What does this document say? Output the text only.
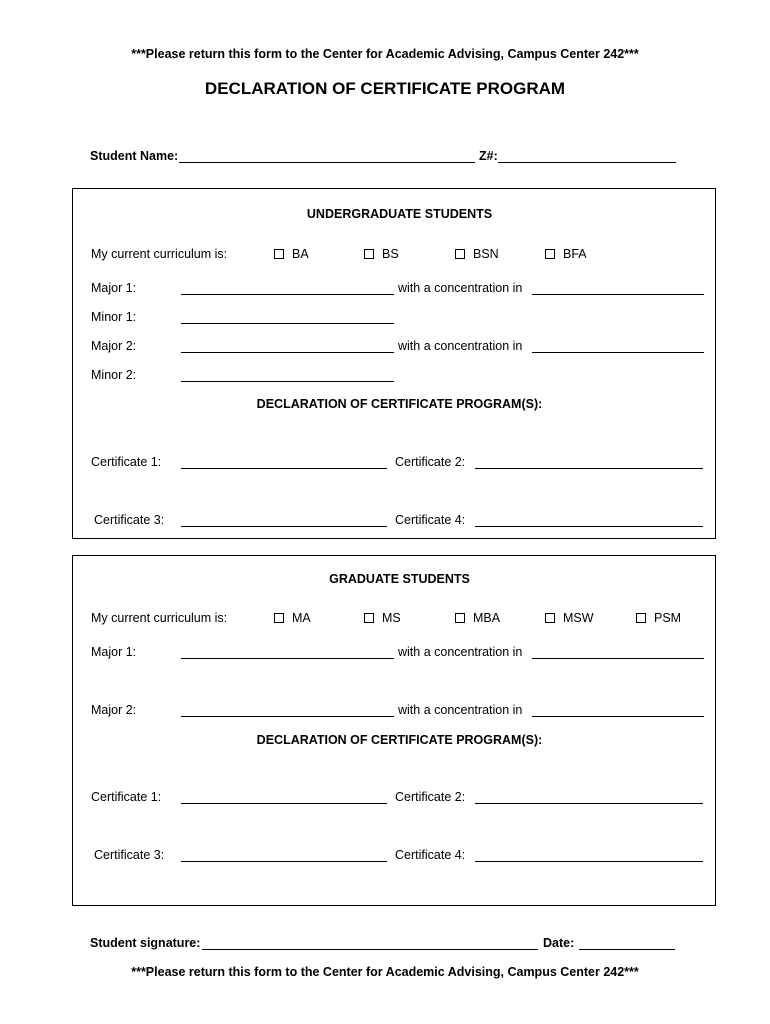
***Please return this form to the Center for Academic Advising, Campus Center 242***
DECLARATION OF CERTIFICATE PROGRAM
Student Name:	Z#:
UNDERGRADUATE STUDENTS
My current curriculum is:	BA	BS	BSN	BFA
Major 1:	with a concentration in
Minor 1:
Major 2:	with a concentration in
Minor 2:
DECLARATION OF CERTIFICATE PROGRAM(S):
Certificate 1:	Certificate 2:
Certificate 3:	Certificate 4:
GRADUATE STUDENTS
My current curriculum is:	MA	MS	MBA	MSW	PSM
Major 1:	with a concentration in
Major 2:	with a concentration in
DECLARATION OF CERTIFICATE PROGRAM(S):
Certificate 1:	Certificate 2:
Certificate 3:	Certificate 4:
Student signature:	Date:
***Please return this form to the Center for Academic Advising, Campus Center 242***
